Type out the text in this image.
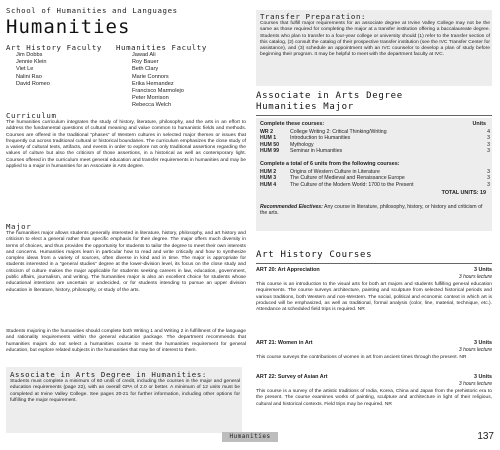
School of Humanities and Languages
Humanities
Art History Faculty
Jim Dobbs
Jennie Klein
Viet Le
Nalini Rao
David Romeo
Humanities Faculty
Jawad Ali
Roy Bauer
Beth Clary
Marie Connors
Erika Hernandez
Francisco Marmolejo
Peter Morrison
Rebecca Welch
Curriculum

The humanities curriculum integrates the study of history, literature, philosophy, and the arts in an effort to address the fundamental questions of cultural meaning and value common to humanistic fields and methods. Courses are offered in the traditional “phases” of Western cultures in selected major themes or issues that frequently cut across traditional cultural or historical boundaries. The curriculum emphasizes the close study of a variety of cultural texts, artifacts, and events in order to explore not only traditional assertions regarding the values of culture but also the criticism of those assertions, in a historical as well as contemporary light. Courses offered in the curriculum meet general education and transfer requirements in humanities and may be applied to a major in humanities for an Associate in Arts degree.

Major

The humanities major allows students generally interested in literature, history, philosophy, and art history and criticism to elect a general rather than specific emphasis for their degree. The major offers much diversity in terms of choices, and thus provides the opportunity for students to tailor the degree to meet their own interests and concerns. Humanities majors learn in particular how to read and write critically and how to synthesize complex ideas from a variety of sources, often diverse in kind and in time. The major is appropriate for students interested in a “general studies” degree at the lower-division level, its focus on the close study and criticism of culture makes the major applicable for students seeking careers in law, education, government, public affairs, journalism, and writing. The humanities major is also an excellent choice for students whose educational intentions are uncertain or undecided, or for students intending to pursue an upper division education in literature, history, philosophy, or study of the arts.

Students majoring in the humanities should complete both Writing 1 and Writing 2 in fulfillment of the language and rationality requirements within the general education package. The department recommends that humanities majors do not select a humanities course to meet the humanities requirement for general education, but explore related subjects in the humanities that may be of interest to them.

Associate in Arts Degree in Humanities:

Students must complete a minimum of 60 units of credit, including the courses in the major and general education requirements (page 22), with an overall GPA of 2.0 or better. A minimum of 12 units must be completed at Irvine Valley College. See pages 20-21 for further information, including other options for fulfilling the major requirement.

Transfer Preparation:

Courses that fulfill major requirements for an associate degree at Irvine Valley College may not be the same as those required for completing the major at a transfer institution offering a baccalaureate degree. Students who plan to transfer to a four-year college or university should (1) refer to the transfer section of this catalog, (2) consult the catalog of their prospective transfer institution (see the IVC Transfer Center for assistance), and (3) schedule an appointment with an IVC counselor to develop a plan of study before beginning their program. It may be helpful to meet with the department faculty at IVC.

Associate in Arts Degree
Humanities Major
Complete these courses:	Units
WR 2	College Writing 2: Critical Thinking/Writing	4
HUM 1	Introduction to Humanities	3
HUM 50	Mythology	3
HUM 99	Seminar in Humanities	3
Complete a total of 6 units from the following courses:
HUM 2	Origins of Western Culture in Literature	3
HUM 3	The Culture of Medieval and Renaissance Europe	3
HUM 4	The Culture of the Modern World: 1700 to the Present	3
TOTAL UNITS: 19
Recommended Electives: Any course in literature, philosophy, history, or history and criticism of the arts.
Art History Courses
ART 20: Art Appreciation	3 Units
3 hours lecture

This course is an introduction to the visual arts for both art majors and students fulfilling general education requirements. The course surveys architecture, painting and sculpture from selected historical periods and various traditions, both Western and non-Western. The social, political and economic context in which art is produced will be emphasized, as well as traditional, formal analysis (color, line, material, technique, etc.). Attendance at scheduled field trips is required. NR

ART 21: Women in Art	3 Units
3 hours lecture

This course surveys the contributions of women in art from ancient times through the present. NR

ART 22: Survey of Asian Art	3 Units
3 hours lecture

This course is a survey of the artistic traditions of India, Korea, China and Japan from the prehistoric era to the present. The course examines works of painting, sculpture and architecture in light of their religious, cultural and historical contexts. Field trips may be required. NR

Humanities	137
